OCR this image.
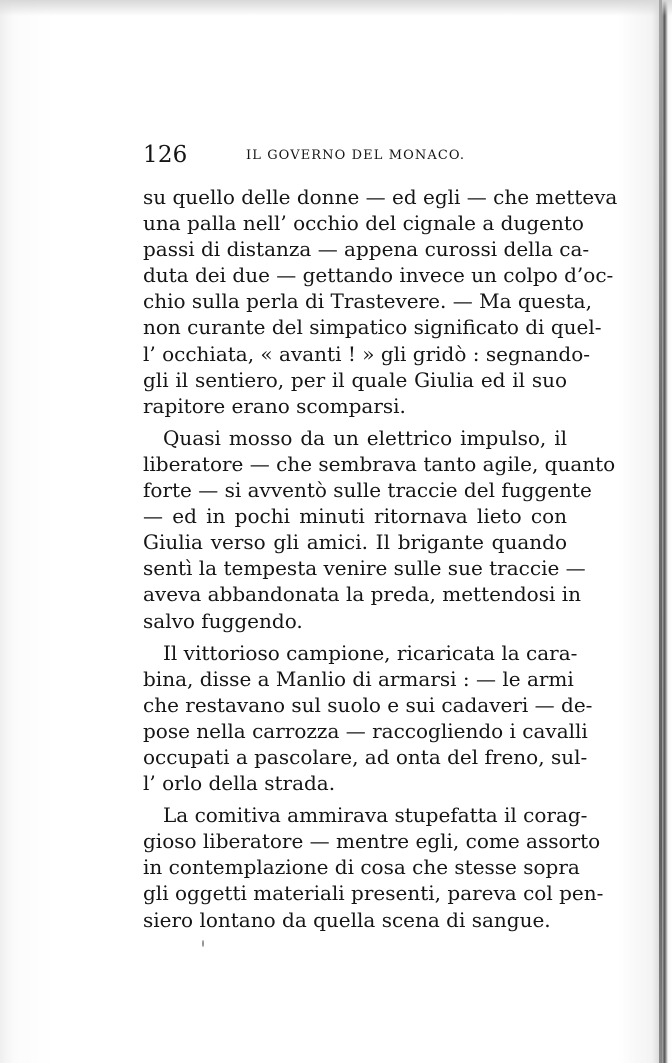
126	IL GOVERNO DEL MONACO.

su quello delle donne — ed egli — che metteva
una palla nell’ occhio del cignale a dugento
passi di distanza — appena curossi della ca-
duta dei due — gettando invece un colpo d’oc-
chio sulla perla di Trastevere. — Ma questa,
non curante del simpatico significato di quel-
l’ occhiata, « avanti ! » gli gridò : segnando-
gli il sentiero, per il quale Giulia ed il suo
rapitore erano scomparsi.

Quasi mosso da un elettrico impulso, il
liberatore — che sembrava tanto agile, quanto
forte — si avventò sulle traccie del fuggente
— ed in pochi minuti ritornava lieto con
Giulia verso gli amici. Il brigante quando
sentì la tempesta venire sulle sue traccie —
aveva abbandonata la preda, mettendosi in
salvo fuggendo.

Il vittorioso campione, ricaricata la cara-
bina, disse a Manlio di armarsi : — le armi
che restavano sul suolo e sui cadaveri — de-
pose nella carrozza — raccogliendo i cavalli
occupati a pascolare, ad onta del freno, sul-
l’ orlo della strada.

La comitiva ammirava stupefatta il corag-
gioso liberatore — mentre egli, come assorto
in contemplazione di cosa che stesse sopra
gli oggetti materiali presenti, pareva col pen-
siero lontano da quella scena di sangue.
